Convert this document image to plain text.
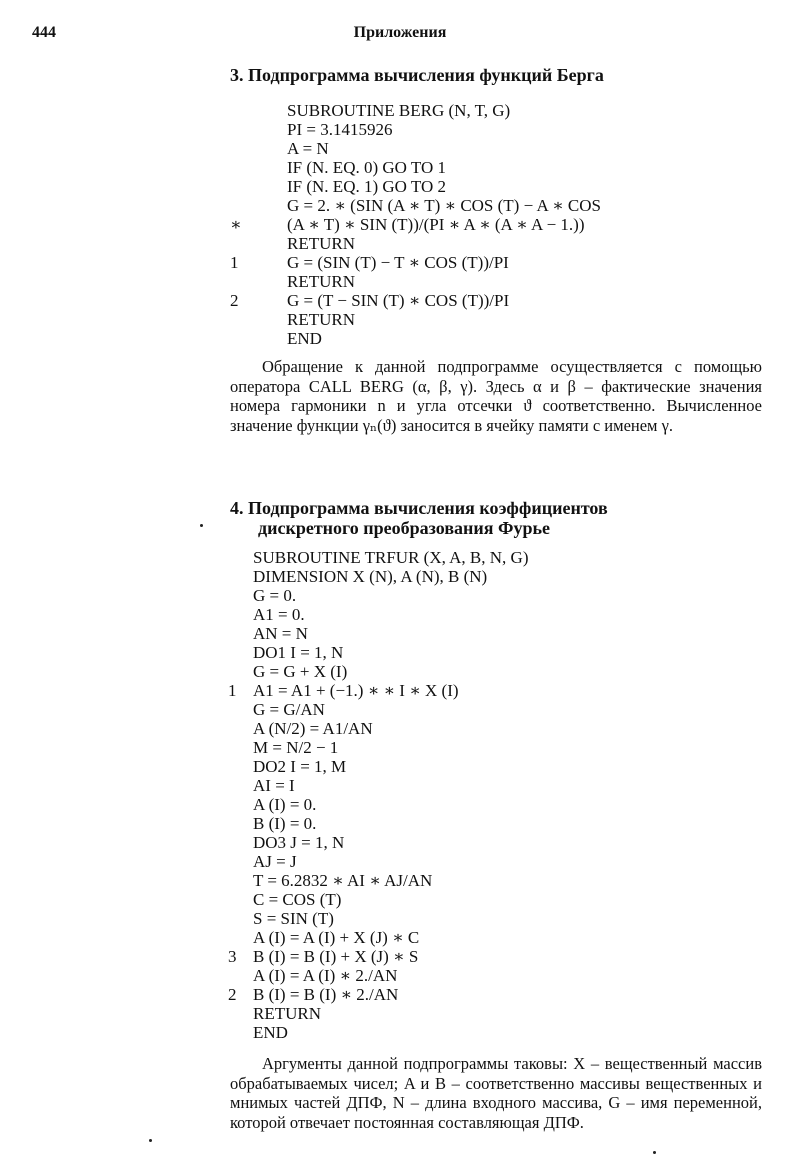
444	Приложения
3. Подпрограмма вычисления функций Берга
SUBROUTINE BERG (N, T, G)
PI = 3.1415926
A = N
IF (N. EQ. 0) GO TO 1
IF (N. EQ. 1) GO TO 2
G = 2. ∗ (SIN (A ∗ T) ∗ COS (T) − A ∗ COS
∗	(A ∗ T) ∗ SIN (T))/(PI ∗ A ∗ (A ∗ A − 1.))
RETURN
1	G = (SIN (T) − T ∗ COS (T))/PI
RETURN
2	G = (T − SIN (T) ∗ COS (T))/PI
RETURN
END

Обращение к данной подпрограмме осуществляется с помощью оператора CALL BERG (α, β, γ). Здесь α и β – фактические значения номера гармоники n и угла отсечки ϑ соответственно. Вычисленное значение функции γₙ(ϑ) заносится в ячейку памяти с именем γ.

4. Подпрограмма вычисления коэффициентов
дискретного преобразования Фурье
SUBROUTINE TRFUR (X, A, B, N, G)
DIMENSION X (N), A (N), B (N)
G = 0.
A1 = 0.
AN = N
DO1 I = 1, N
G = G + X (I)
1 A1 = A1 + (−1.) ∗ ∗ I ∗ X (I)
G = G/AN
A (N/2) = A1/AN
M = N/2 − 1
DO2 I = 1, M
AI = I
A (I) = 0.
B (I) = 0.
DO3 J = 1, N
AJ = J
T = 6.2832 ∗ AI ∗ AJ/AN
C = COS (T)
S = SIN (T)
A (I) = A (I) + X (J) ∗ C
3 B (I) = B (I) + X (J) ∗ S
A (I) = A (I) ∗ 2./AN
2 B (I) = B (I) ∗ 2./AN
RETURN
END

Аргументы данной подпрограммы таковы: X – вещественный массив обрабатываемых чисел; A и B – соответственно массивы вещественных и мнимых частей ДПФ, N – длина входного массива, G – имя переменной, которой отвечает постоянная составляющая ДПФ.
